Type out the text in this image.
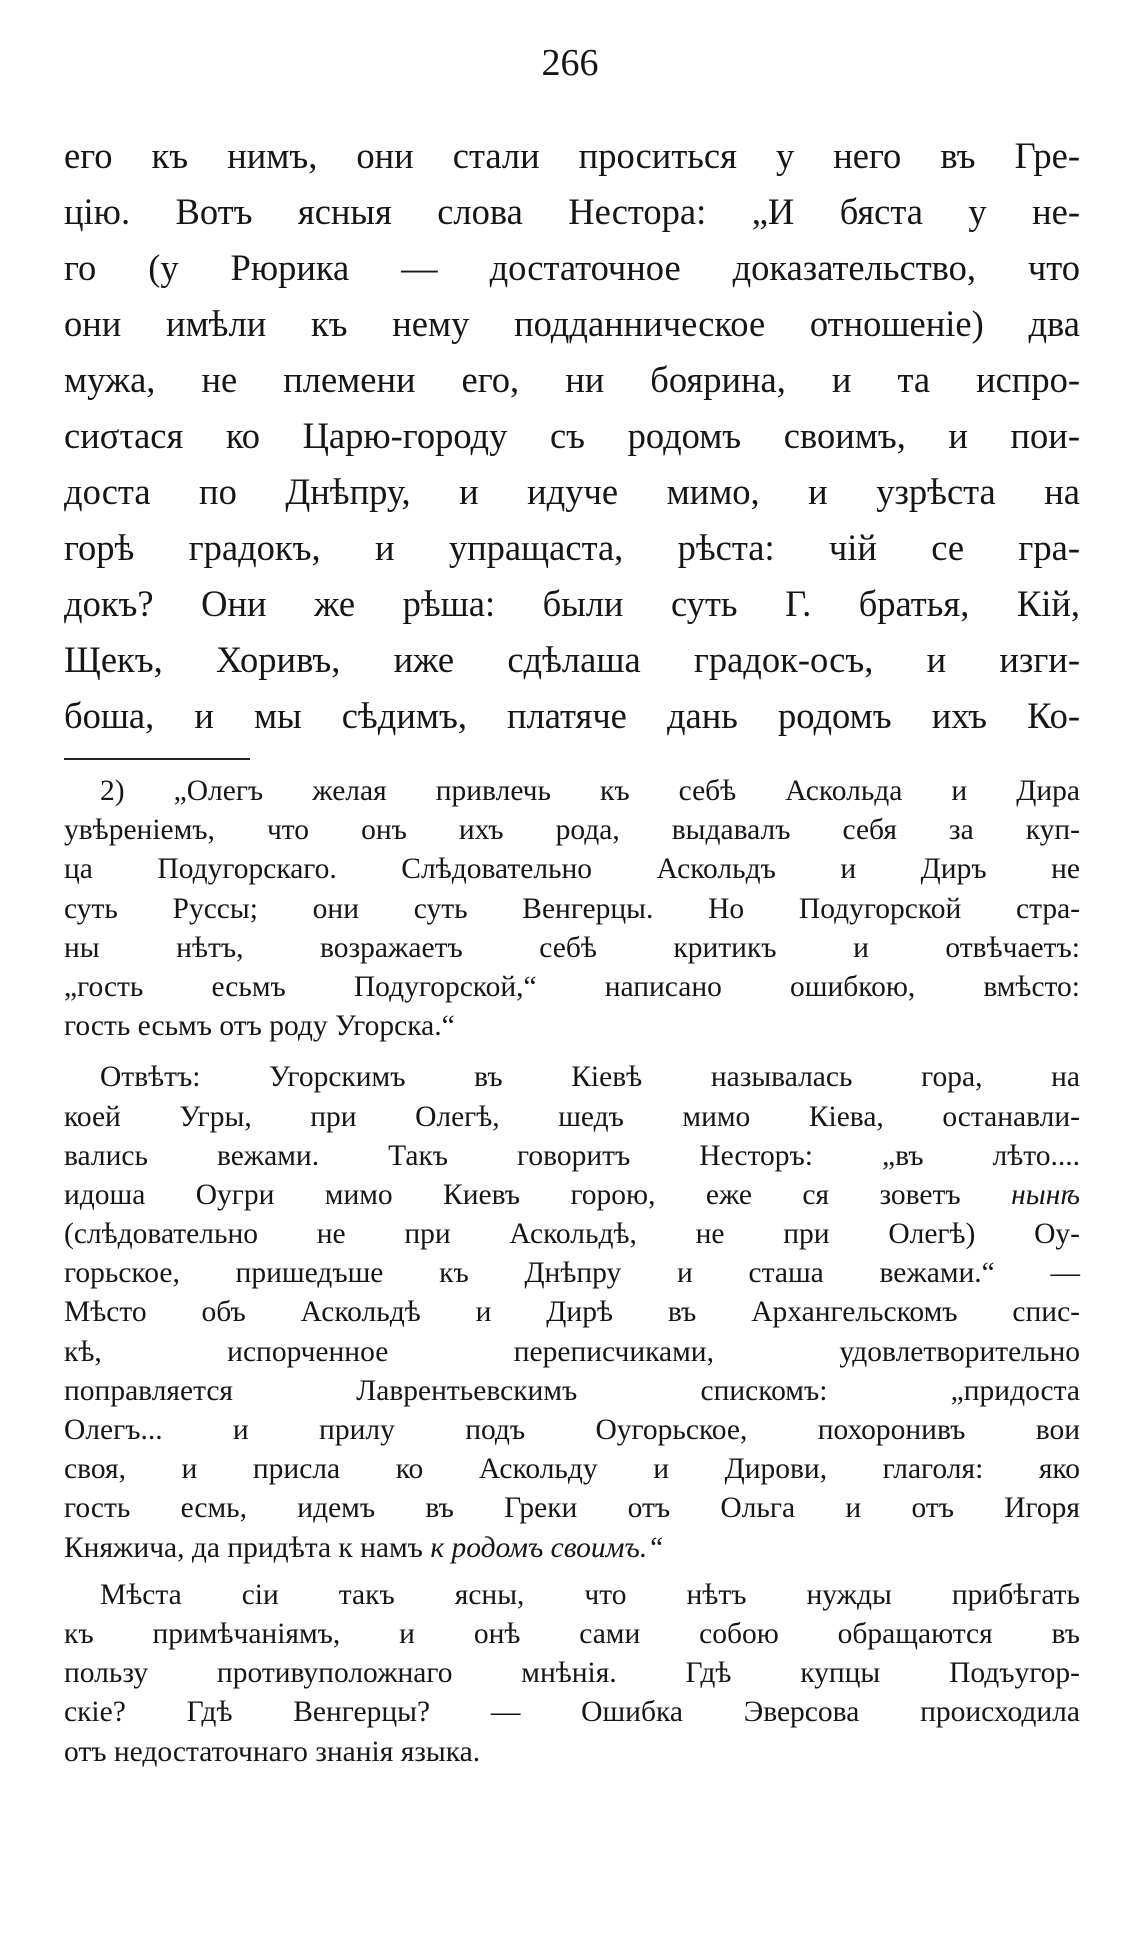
266
его къ нимъ, они стали проситься у него въ Гре-
цію. Вотъ ясныя слова Нестора: „И бяста у не-
го (у Рюрика — достаточное доказательство, что
они имѣли къ нему подданническое отношеніе) два
мужа, не племени его, ни боярина, и та испро-
сиστася ко Царю-городу съ родомъ своимъ, и пои-
доста по Днѣпру, и идуче мимо, и узрѣста на
горѣ градокъ, и упращаста, рѣста: чій се гра-
докъ? Они же рѣша: были суть Г. братья, Кій,
Щекъ, Хоривъ, иже сдѣлаша градок-осъ, и изги-
боша, и мы сѣдимъ, платяче дань родомъ ихъ Ко-
2) „Олегъ желая привлечь къ себѣ Аскольда и Дира
увѣреніемъ, что онъ ихъ рода, выдавалъ себя за куп-
ца Подугорскаго. Слѣдовательно Аскольдъ и Диръ не
суть Руссы; они суть Венгерцы. Но Подугорской стра-
ны нѣтъ, возражаетъ себѣ критикъ и отвѣчаетъ:
„гость есьмъ Подугорской,“ написано ошибкою, вмѣсто:
гость есьмъ отъ роду Угорска.“
Отвѣтъ: Угорскимъ въ Кіевѣ называлась гора, на
коей Угры, при Олегѣ, шедъ мимо Кіева, останавли-
вались вежами. Такъ говоритъ Несторъ: „въ лѣто....
идоша Оугри мимо Киевъ горою, еже ся зоветъ нынѣ
(слѣдовательно не при Аскольдѣ, не при Олегѣ) Оу-
горьское, пришедъше къ Днѣпру и сташа вежами.“ —
Мѣсто объ Аскольдѣ и Дирѣ въ Архангельскомъ спис-
кѣ, испорченное переписчиками, удовлетворительно
поправляется Лаврентьевскимъ спискомъ: „придоста
Олегъ... и прилу подъ Оугорьское, похоронивъ вои
своя, и присла ко Аскольду и Дирови, глаголя: яко
гость есмь, идемъ въ Греки отъ Ольга и отъ Игоря
Княжича, да придѣта к намъ к родомъ своимъ.“
Мѣста сіи такъ ясны, что нѣтъ нужды прибѣгать
къ примѣчаніямъ, и онѣ сами собою обращаются въ
пользу противуположнаго мнѣнія. Гдѣ купцы Подъугор-
скіе? Гдѣ Венгерцы? — Ошибка Эверсова происходила
отъ недостаточнаго знанія языка.
